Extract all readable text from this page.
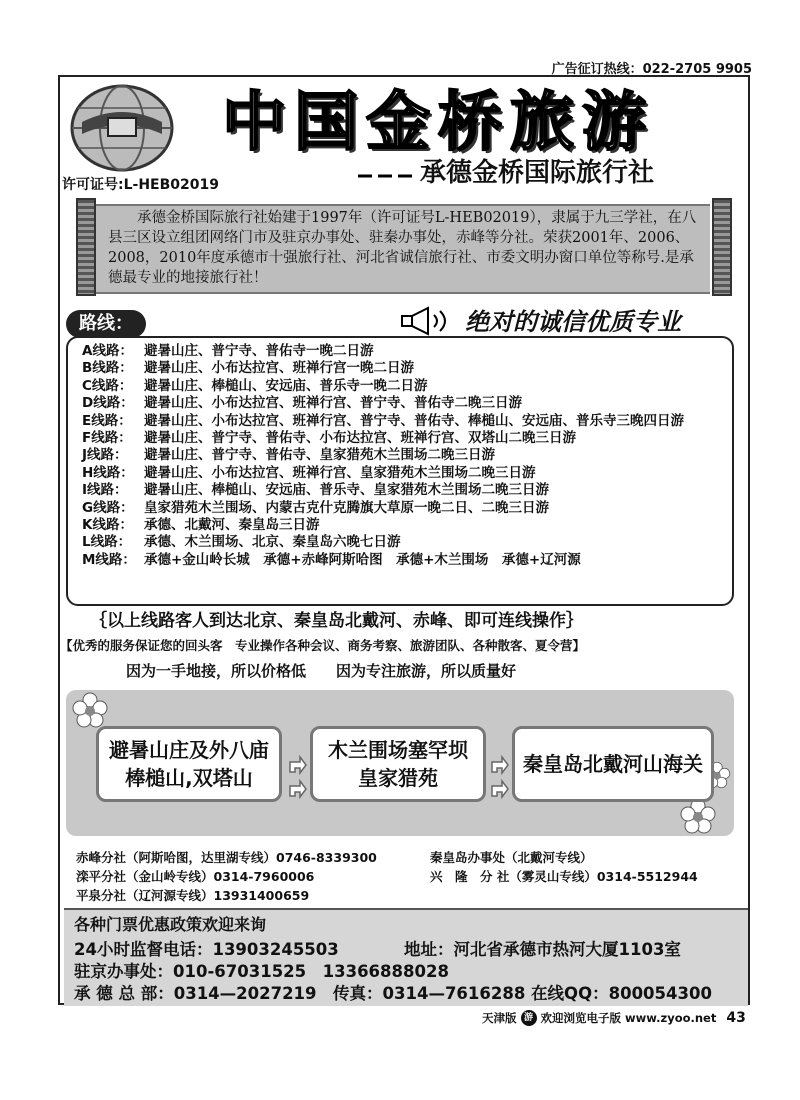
广告征订热线：022-2705 9905
中国金桥旅游
承德金桥国际旅行社
许可证号:L-HEB02019
承德金桥国际旅行社始建于1997年（许可证号L-HEB02019），隶属于九三学社，在八县三区设立组团网络门市及驻京办事处、驻秦办事处，赤峰等分社。荣获2001年、2006、2008，2010年度承德市十强旅行社、河北省诚信旅行社、市委文明办窗口单位等称号.是承德最专业的地接旅行社！
路线：	绝对的诚信优质专业
A线路： 避暑山庄、普宁寺、普佑寺一晚二日游
B线路： 避暑山庄、小布达拉宫、班禅行宫一晚二日游
C线路： 避暑山庄、棒槌山、安远庙、普乐寺一晚二日游
D线路： 避暑山庄、小布达拉宫、班禅行宫、普宁寺、普佑寺二晚三日游
E线路： 避暑山庄、小布达拉宫、班禅行宫、普宁寺、普佑寺、棒槌山、安远庙、普乐寺三晚四日游
F线路： 避暑山庄、普宁寺、普佑寺、小布达拉宫、班禅行宫、双塔山二晚三日游
J线路：	避暑山庄、普宁寺、普佑寺、皇家猎苑木兰围场二晚三日游
H线路： 避暑山庄、小布达拉宫、班禅行宫、皇家猎苑木兰围场二晚三日游
I线路：	避暑山庄、棒槌山、安远庙、普乐寺、皇家猎苑木兰围场二晚三日游
G线路： 皇家猎苑木兰围场、内蒙古克什克腾旗大草原一晚二日、二晚三日游
K线路： 承德、北戴河、秦皇岛三日游
L线路： 承德、木兰围场、北京、秦皇岛六晚七日游
M线路： 承德+金山岭长城　承德+赤峰阿斯哈图　承德+木兰围场　承德+辽河源
｛以上线路客人到达北京、秦皇岛北戴河、赤峰、即可连线操作｝
【优秀的服务保证您的回头客　专业操作各种会议、商务考察、旅游团队、各种散客、夏令营】
因为一手地接，所以价格低　　因为专注旅游，所以质量好
避暑山庄及外八庙
棒槌山,双塔山
木兰围场塞罕坝
皇家猎苑
秦皇岛北戴河山海关
赤峰分社（阿斯哈图，达里湖专线）0746-8339300
滦平分社（金山岭专线）0314-7960006
平泉分社（辽河源专线）13931400659
秦皇岛办事处（北戴河专线）
兴　隆　分 社（雾灵山专线）0314-5512944
各种门票优惠政策欢迎来询
24小时监督电话：13903245503	地址：河北省承德市热河大厦1103室
驻京办事处：010-67031525　13366888028
承 德 总 部：0314—2027219　传真：0314—7616288 在线QQ：800054300
天津版 游 欢迎浏览电子版 www.zyoo.net 43
